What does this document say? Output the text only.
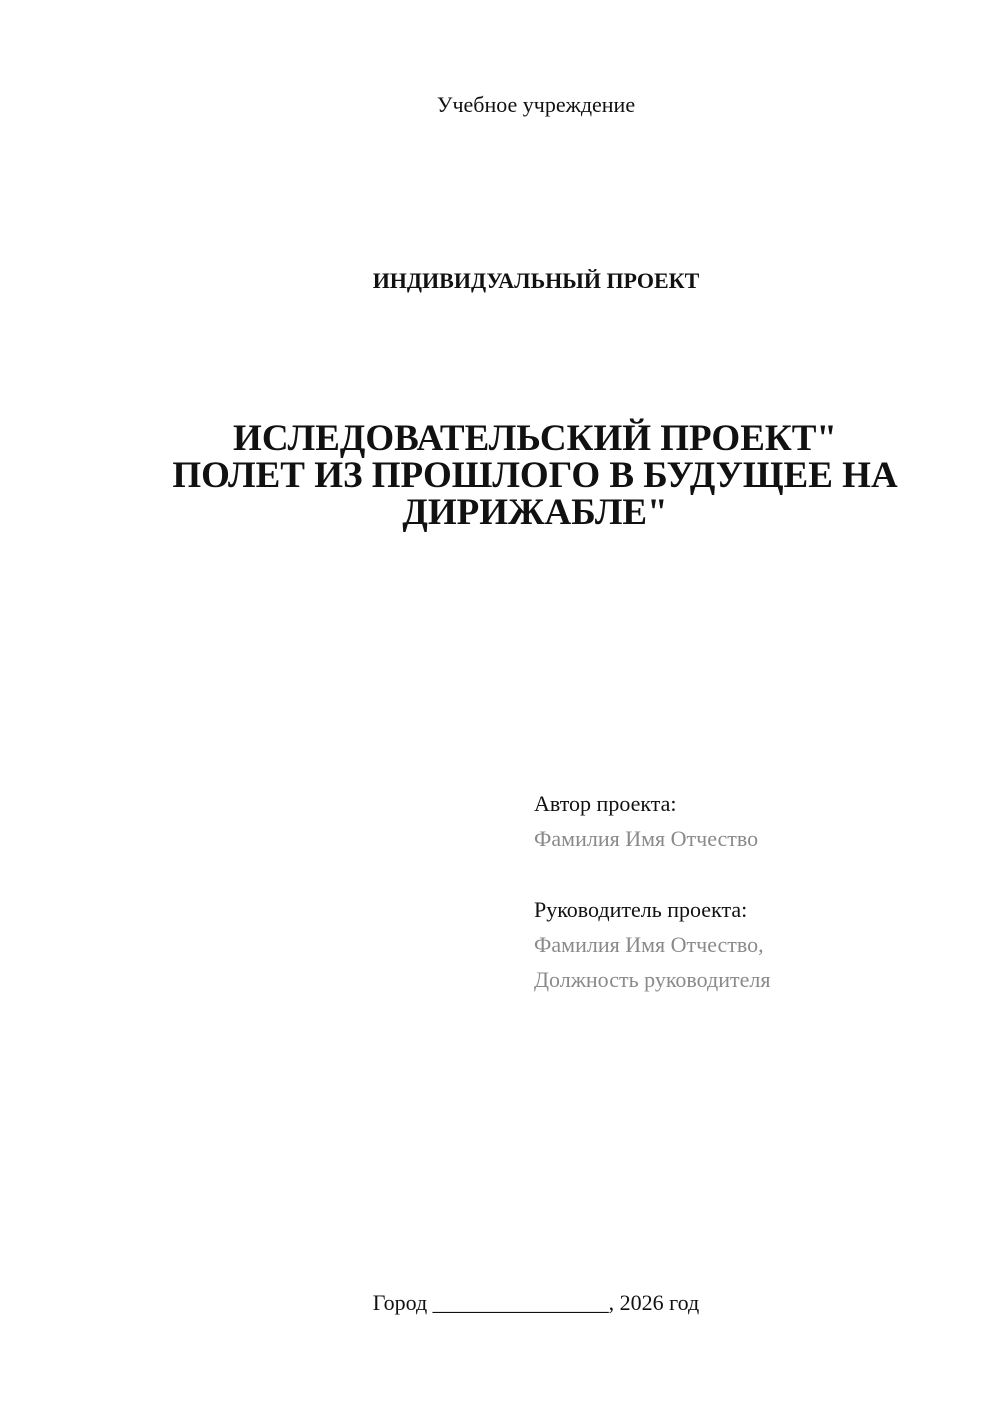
Учебное учреждение
ИНДИВИДУАЛЬНЫЙ ПРОЕКТ
ИСЛЕДОВАТЕЛЬСКИЙ ПРОЕКТ"
ПОЛЕТ ИЗ ПРОШЛОГО В БУДУЩЕЕ НА
ДИРИЖАБЛЕ"
Автор проекта:
Фамилия Имя Отчество
Руководитель проекта:
Фамилия Имя Отчество,
Должность руководителя
Город ________________, 2026 год
